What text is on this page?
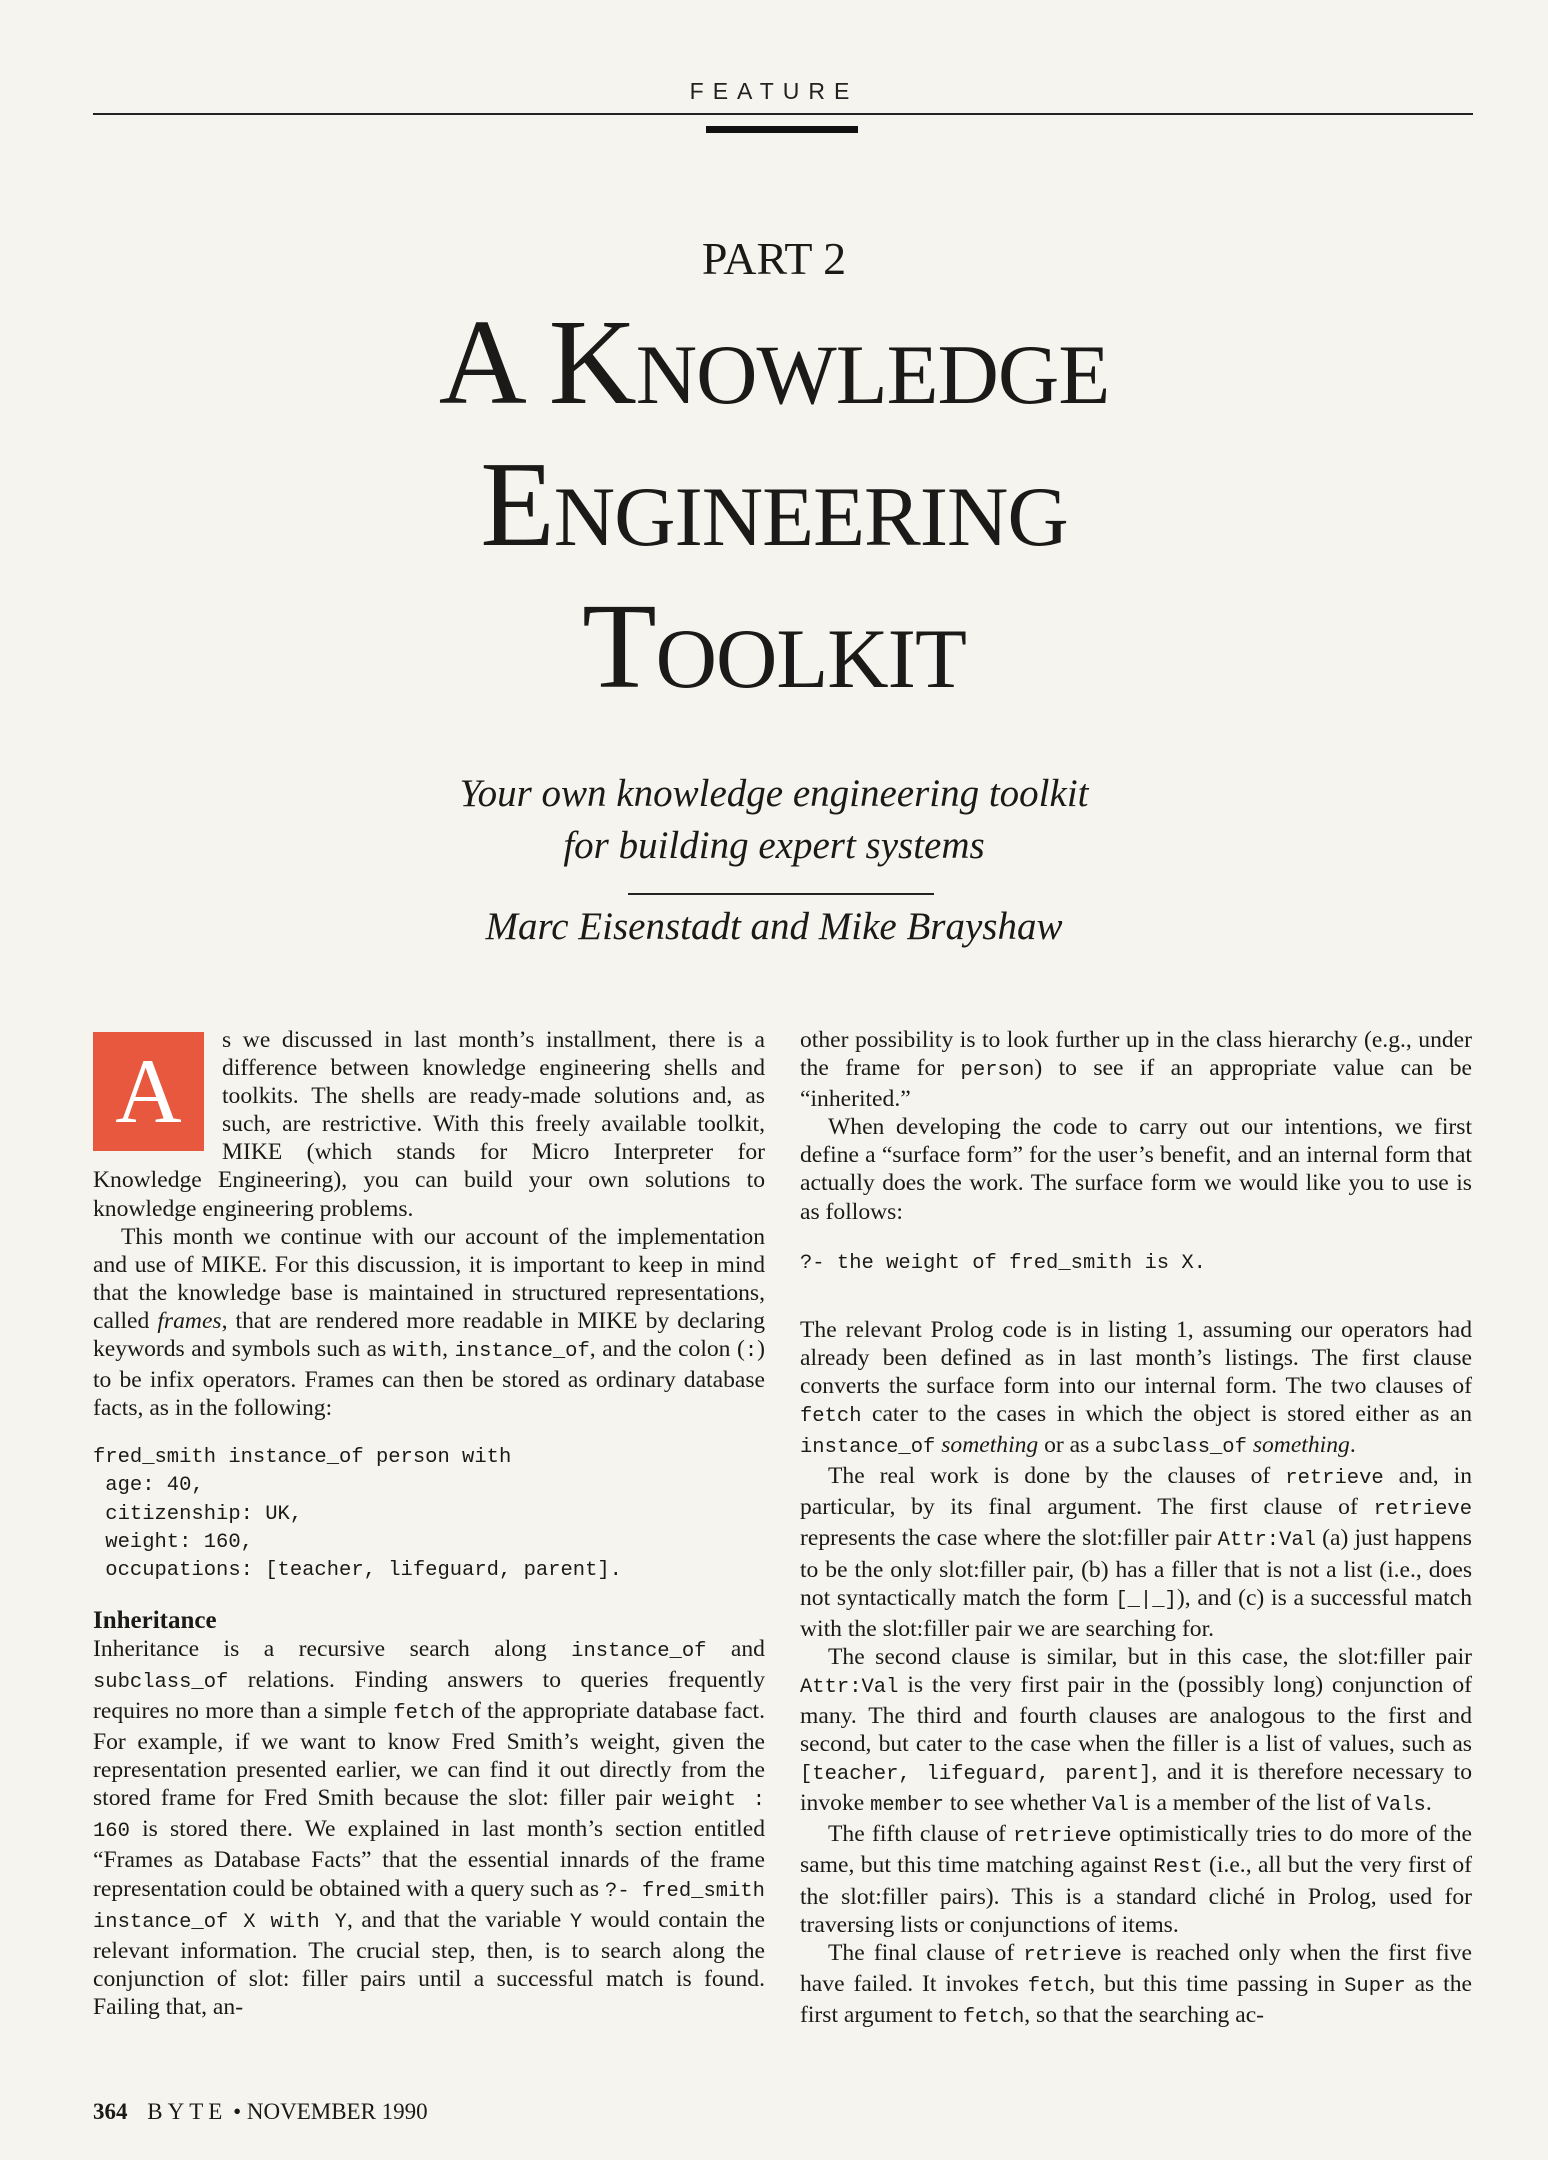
FEATURE
PART 2
A Knowledge
Engineering
Toolkit
Your own knowledge engineering toolkit
for building expert systems
Marc Eisenstadt and Mike Brayshaw

A	s we discussed in last month’s installment, there is a difference between knowledge engineering shells and toolkits. The shells are ready-made solutions and, as such, are restrictive. With this freely available toolkit, MIKE (which stands for Micro Interpreter for Knowledge Engineering), you can build your own solutions to knowledge engineering problems.

This month we continue with our account of the implementation and use of MIKE. For this discussion, it is important to keep in mind that the knowledge base is maintained in structured representations, called frames, that are rendered more readable in MIKE by declaring keywords and symbols such as with, instance_of, and the colon (:) to be infix operators. Frames can then be stored as ordinary database facts, as in the following:

fred_smith instance_of person with
age: 40,
citizenship: UK,
weight: 160,
occupations: [teacher, lifeguard, parent].
Inheritance

Inheritance is a recursive search along instance_of and subclass_of relations. Finding answers to queries frequently requires no more than a simple fetch of the appropriate database fact. For example, if we want to know Fred Smith’s weight, given the representation presented earlier, we can find it out directly from the stored frame for Fred Smith because the slot: filler pair weight : 160 is stored there. We explained in last month’s section entitled “Frames as Database Facts” that the essential innards of the frame representation could be obtained with a query such as ?- fred_smith instance_of X with Y, and that the variable Y would contain the relevant information. The crucial step, then, is to search along the conjunction of slot: filler pairs until a successful match is found. Failing that, an-

other possibility is to look further up in the class hierarchy (e.g., under the frame for person) to see if an appropriate value can be “inherited.”

When developing the code to carry out our intentions, we first define a “surface form” for the user’s benefit, and an internal form that actually does the work. The surface form we would like you to use is as follows:

?- the weight of fred_smith is X.

The relevant Prolog code is in listing 1, assuming our operators had already been defined as in last month’s listings. The first clause converts the surface form into our internal form. The two clauses of fetch cater to the cases in which the object is stored either as an instance_of something or as a subclass_of something.

The real work is done by the clauses of retrieve and, in particular, by its final argument. The first clause of retrieve represents the case where the slot:filler pair Attr:Val (a) just happens to be the only slot:filler pair, (b) has a filler that is not a list (i.e., does not syntactically match the form [_|_]), and (c) is a successful match with the slot:filler pair we are searching for.

The second clause is similar, but in this case, the slot:filler pair Attr:Val is the very first pair in the (possibly long) conjunction of many. The third and fourth clauses are analogous to the first and second, but cater to the case when the filler is a list of values, such as [teacher, lifeguard, parent], and it is therefore necessary to invoke member to see whether Val is a member of the list of Vals.

The fifth clause of retrieve optimistically tries to do more of the same, but this time matching against Rest (i.e., all but the very first of the slot:filler pairs). This is a standard cliché in Prolog, used for traversing lists or conjunctions of items.

The final clause of retrieve is reached only when the first five have failed. It invokes fetch, but this time passing in Super as the first argument to fetch, so that the searching ac-

364 BYTE • NOVEMBER 1990
